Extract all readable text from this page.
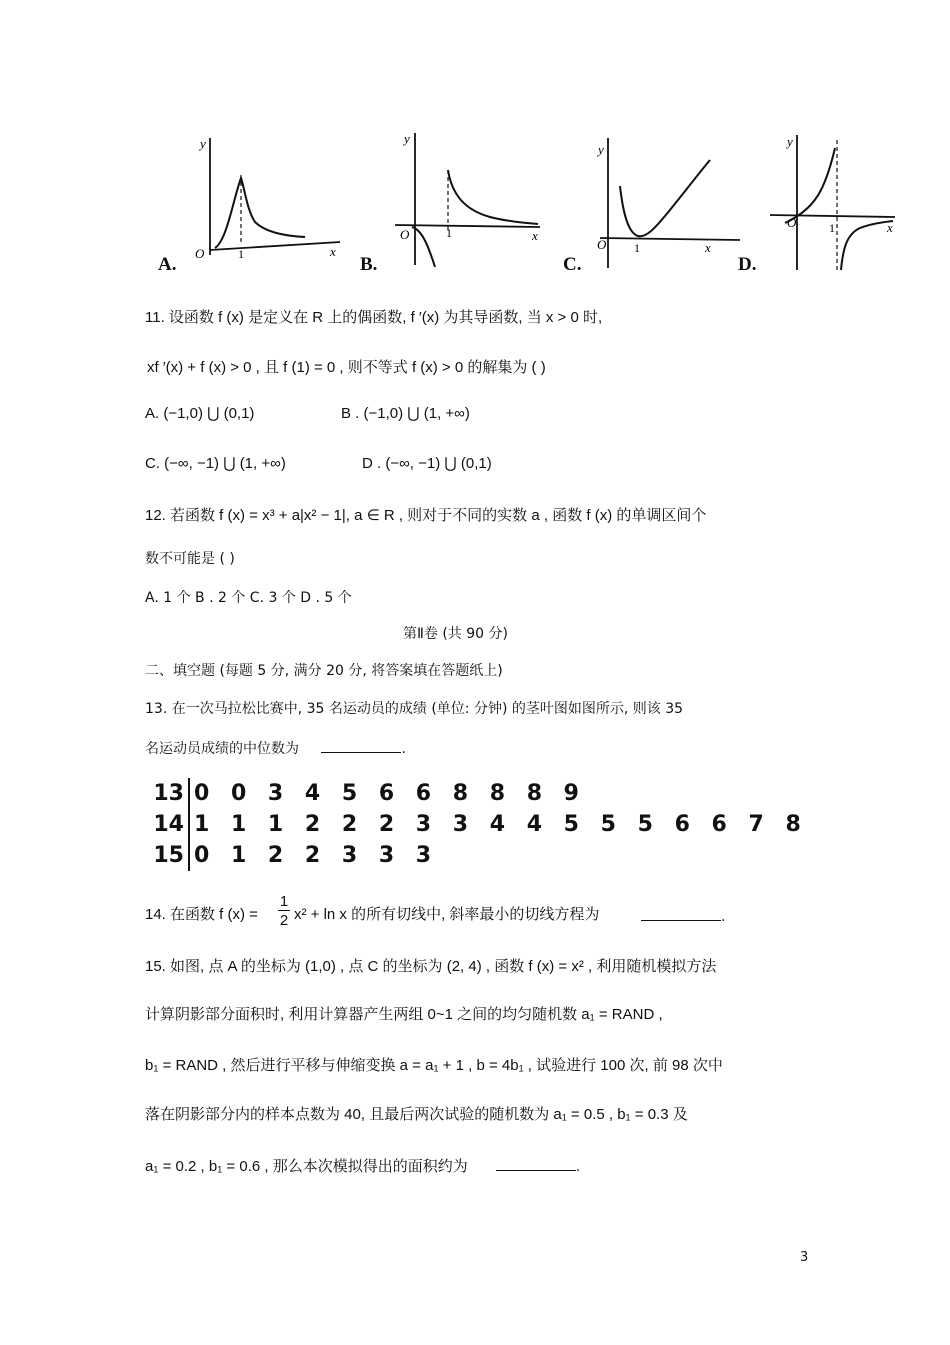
y
x
O	1
A.
y
x
O	1
B.
y
x
O 1
C.
y
x
O	1
D.
11. 设函数 f (x) 是定义在 R 上的偶函数, f ′(x) 为其导函数, 当 x > 0 时,
xf ′(x) + f (x) > 0 , 且 f (1) = 0 , 则不等式 f (x) > 0 的解集为 ( )
A. (−1,0) ⋃ (0,1)	B . (−1,0) ⋃ (1, +∞)
C. (−∞, −1) ⋃ (1, +∞)	D . (−∞, −1) ⋃ (0,1)
12. 若函数 f (x) = x³ + a|x² − 1|, a ∈ R , 则对于不同的实数 a , 函数 f (x) 的单调区间个
数不可能是 ( )
A. 1 个 B . 2 个 C. 3 个 D . 5 个
第Ⅱ卷 (共 90 分)
二、填空题 (每题 5 分, 满分 20 分, 将答案填在答题纸上)
13. 在一次马拉松比赛中, 35 名运动员的成绩 (单位: 分钟) 的茎叶图如图所示, 则该 35
名运动员成绩的中位数为	.
13 0 0 3 4 5 6 6 8 8 8 9
14 1 1 1 2 2 2 3 3 4 4 5 5 5 6 6 7 8
15 0 1 2 2 3 3 3
14. 在函数 f $(x) = \frac{1}{2} x^2 + \ln x$ 的所有切线中, 斜率最小的切线方程为	.
15. 如图, 点 A 的坐标为 (1,0) , 点 C 的坐标为 (2, 4) , 函数 f (x) = x² , 利用随机模拟方法
计算阴影部分面积时, 利用计算器产生两组 0~1 之间的均匀随机数 a₁ = RAND ,
b₁ = RAND , 然后进行平移与伸缩变换 a = a₁ + 1 , b = 4b₁ , 试验进行 100 次, 前 98 次中
落在阴影部分内的样本点数为 40, 且最后两次试验的随机数为 a₁ = 0.5 , b₁ = 0.3 及
a₁ = 0.2 , b₁ = 0.6 , 那么本次模拟得出的面积约为	.
3
